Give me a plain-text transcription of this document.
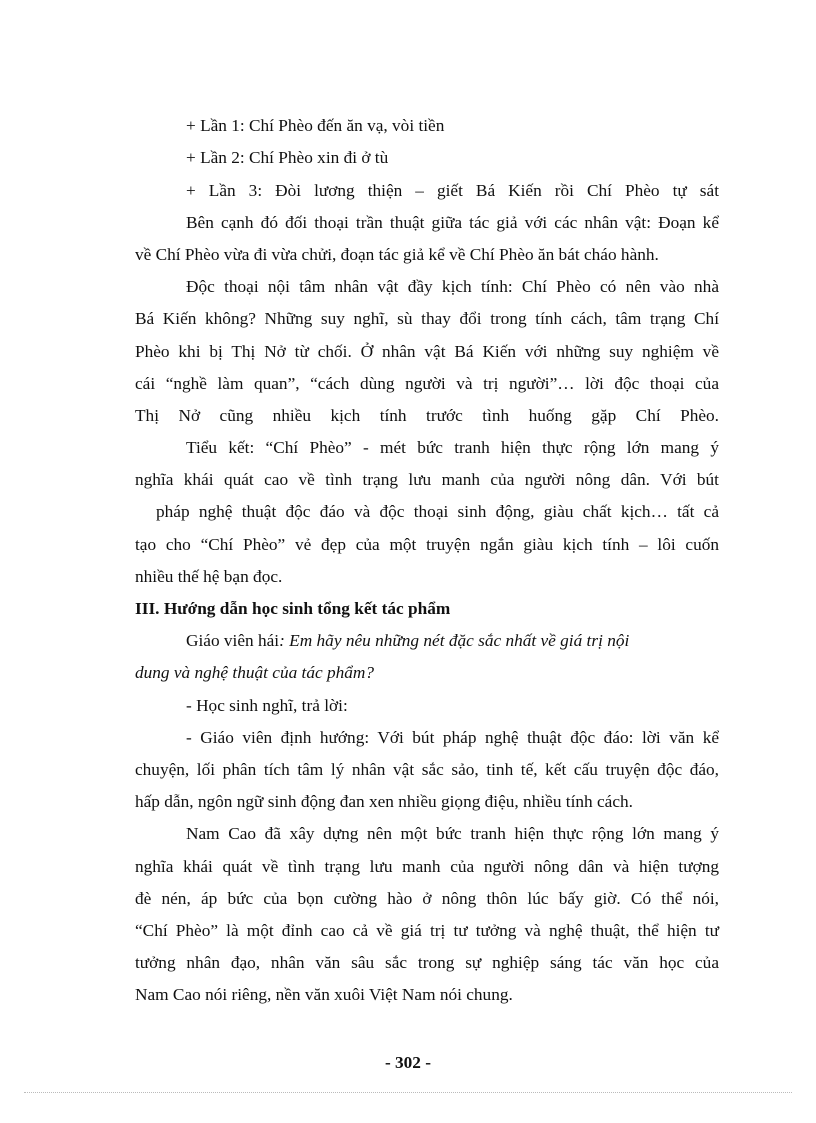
+ Lần 1: Chí Phèo đến ăn vạ, vòi tiền
+ Lần 2: Chí Phèo xin đi ở tù
+ Lần 3: Đòi lương thiện – giết Bá Kiến rồi Chí Phèo tự sát
Bên cạnh đó đối thoại trần thuật giữa tác giả với các nhân vật: Đoạn kể
về Chí Phèo vừa đi vừa chửi, đoạn tác giả kể về Chí Phèo ăn bát cháo hành.
Độc thoại nội tâm nhân vật đầy kịch tính: Chí Phèo có nên vào nhà
Bá Kiến không? Những suy nghĩ, sù thay đổi trong tính cách, tâm trạng Chí
Phèo khi bị Thị Nở từ chối. Ở nhân vật Bá Kiến với những suy nghiệm về
cái “nghề làm quan”, “cách dùng người và trị người”… lời độc thoại của
Thị Nở cũng nhiều kịch tính trước tình huống gặp Chí Phèo.
Tiểu kết: “Chí Phèo” - mét bức tranh hiện thực rộng lớn mang ý
nghĩa khái quát cao về tình trạng lưu manh của người nông dân. Với bút
pháp nghệ thuật độc đáo và độc thoại sinh động, giàu chất kịch… tất cả
tạo cho “Chí Phèo” vẻ đẹp của một truyện ngắn giàu kịch tính – lôi cuốn
nhiều thế hệ bạn đọc.
III. Hướng dẫn học sinh tổng kết tác phẩm
Giáo viên hái: Em hãy nêu những nét đặc sắc nhất về giá trị nội
dung và nghệ thuật của tác phẩm?
- Học sinh nghĩ, trả lời:
- Giáo viên định hướng: Với bút pháp nghệ thuật độc đáo: lời văn kể
chuyện, lối phân tích tâm lý nhân vật sắc sảo, tinh tế, kết cấu truyện độc đáo,
hấp dẫn, ngôn ngữ sinh động đan xen nhiều giọng điệu, nhiều tính cách.
Nam Cao đã xây dựng nên một bức tranh hiện thực rộng lớn mang ý
nghĩa khái quát về tình trạng lưu manh của người nông dân và hiện tượng
đè nén, áp bức của bọn cường hào ở nông thôn lúc bấy giờ. Có thể nói,
“Chí Phèo” là một đỉnh cao cả về giá trị tư tưởng và nghệ thuật, thể hiện tư
tưởng nhân đạo, nhân văn sâu sắc trong sự nghiệp sáng tác văn học của
Nam Cao nói riêng, nền văn xuôi Việt Nam nói chung.
- 302 -
